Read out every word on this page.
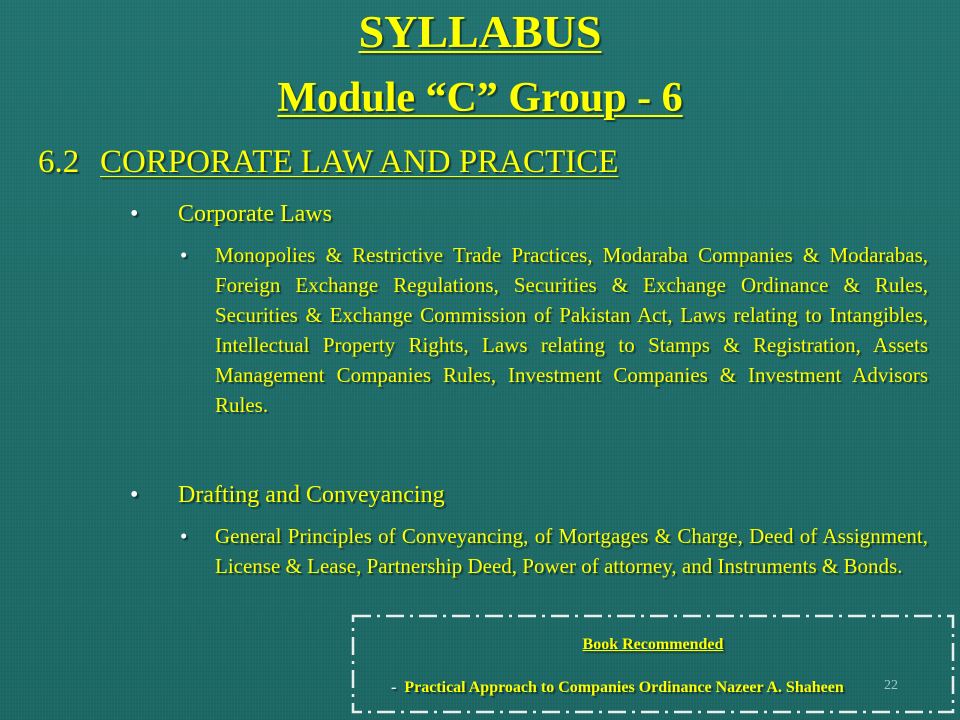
SYLLABUS
Module “C” Group - 6
6.2 CORPORATE LAW AND PRACTICE
• Corporate Laws
• Monopolies & Restrictive Trade Practices, Modaraba Companies & Modarabas, Foreign Exchange Regulations, Securities & Exchange Ordinance & Rules, Securities & Exchange Commission of Pakistan Act, Laws relating to Intangibles, Intellectual Property Rights, Laws relating to Stamps & Registration, Assets Management Companies Rules, Investment Companies & Investment Advisors Rules.
• Drafting and Conveyancing
• General Principles of Conveyancing, of Mortgages & Charge, Deed of Assignment, License & Lease, Partnership Deed, Power of attorney, and Instruments & Bonds.
Book Recommended
- Practical Approach to Companies Ordinance Nazeer A. Shaheen	22
